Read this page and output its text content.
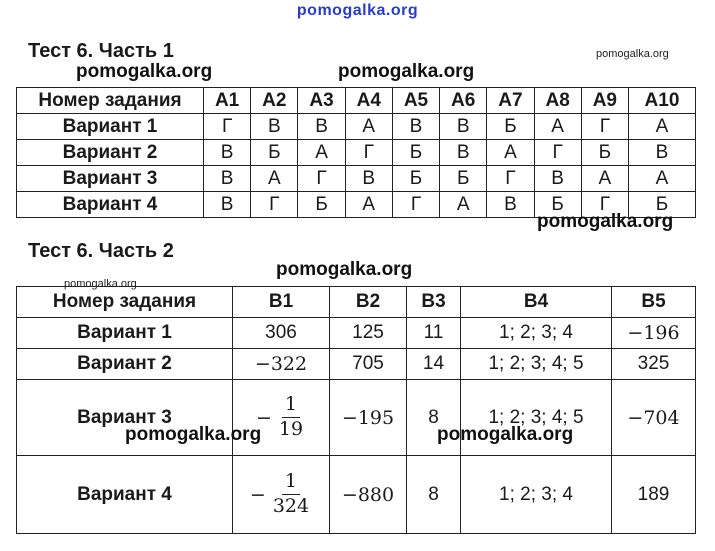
pomogalka.org
Тест 6. Часть 1	pomogalka.org
pomogalka.org	pomogalka.org
Номер задания	A1	A2	A3	A4	A5	A6	A7	A8	A9	A10
Вариант 1	Г	В	В	А	В	В	Б	А	Г	А
Вариант 2	В	Б	А	Г	Б	В	А	Г	Б	В
Вариант 3	В	А	Г	В	Б	Б	Г	В	А	А
Вариант 4	В	Г	Б	А	Г	А	В	Б	Г	Б
pomogalka.org
Тест 6. Часть 2
pomogalka.org
pomogalka.org
Номер задания	В1	В2	В3	В4	В5
Вариант 1	306	125	11	1; 2; 3; 4	−196
Вариант 2	−322	705	14	1; 2; 3; 4; 5	325
Вариант 3	− $\frac{1}{19}$	−195	8	1; 2; 3; 4; 5	−704
Вариант 4	− $\frac{1}{324}$	−880	8	1; 2; 3; 4	189
pomogalka.org	pomogalka.org
